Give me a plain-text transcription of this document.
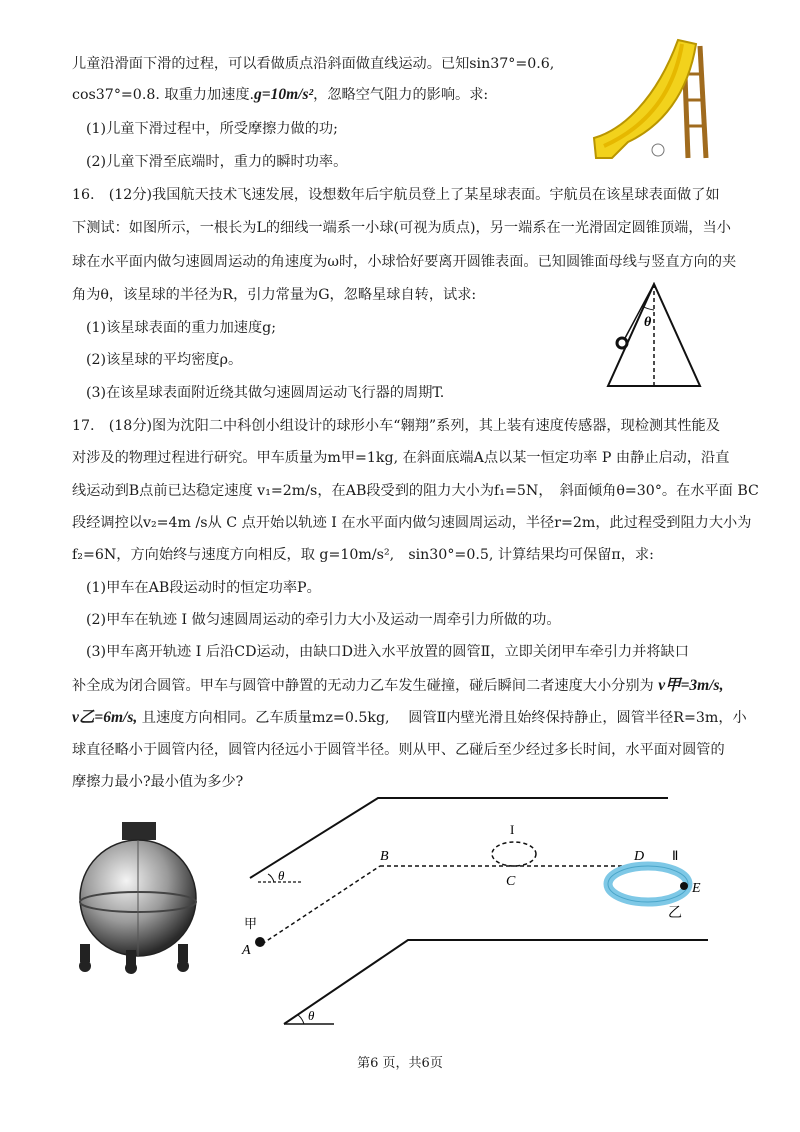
儿童沿滑面下滑的过程，可以看做质点沿斜面做直线运动。已知sin37°=0.6,
cos37°=0.8. 取重力加速度.g=10m/s²，忽略空气阻力的影响。求:
(1)儿童下滑过程中，所受摩擦力做的功;
(2)儿童下滑至底端时，重力的瞬时功率。
16.　(12分)我国航天技术飞速发展，设想数年后宇航员登上了某星球表面。宇航员在该星球表面做了如
下测试：如图所示，一根长为L的细线一端系一小球(可视为质点)，另一端系在一光滑固定圆锥顶端，当小
球在水平面内做匀速圆周运动的角速度为ω时，小球恰好要离开圆锥表面。已知圆锥面母线与竖直方向的夹
角为θ，该星球的半径为R，引力常量为G，忽略星球自转，试求:
(1)该星球表面的重力加速度g;
(2)该星球的平均密度ρ。
(3)在该星球表面附近绕其做匀速圆周运动飞行器的周期T.
θ
17.　(18分)图为沈阳二中科创小组设计的球形小车“翱翔”系列，其上装有速度传感器，现检测其性能及
对涉及的物理过程进行研究。甲车质量为m甲=1kg, 在斜面底端A点以某一恒定功率 P 由静止启动，沿直
线运动到B点前已达稳定速度 v₁=2m/s，在AB段受到的阻力大小为f₁=5N，　斜面倾角θ=30°。在水平面 BC
段经调控以v₂=4m /s从 C 点开始以轨迹 I 在水平面内做匀速圆周运动，半径r=2m，此过程受到阻力大小为
f₂=6N，方向始终与速度方向相反，取 g=10m/s²,　sin30°=0.5, 计算结果均可保留π，求:
(1)甲车在AB段运动时的恒定功率P。
(2)甲车在轨迹 I 做匀速圆周运动的牵引力大小及运动一周牵引力所做的功。
(3)甲车离开轨迹 I 后沿CD运动，由缺口D进入水平放置的圆管Ⅱ，立即关闭甲车牵引力并将缺口
补全成为闭合圆管。甲车与圆管中静置的无动力乙车发生碰撞，碰后瞬间二者速度大小分别为 v甲=3m/s,
v乙=6m/s, 且速度方向相同。乙车质量mz=0.5kg,　 圆管Ⅱ内壁光滑且始终保持静止，圆管半径R=3m，小
球直径略小于圆管内径，圆管内径远小于圆管半径。则从甲、乙碰后至少经过多长时间，水平面对圆管的
摩擦力最小?最小值为多少?
θ
θ
A
B
C
D
E
I
Ⅱ
甲
乙
第6 页，共6页
